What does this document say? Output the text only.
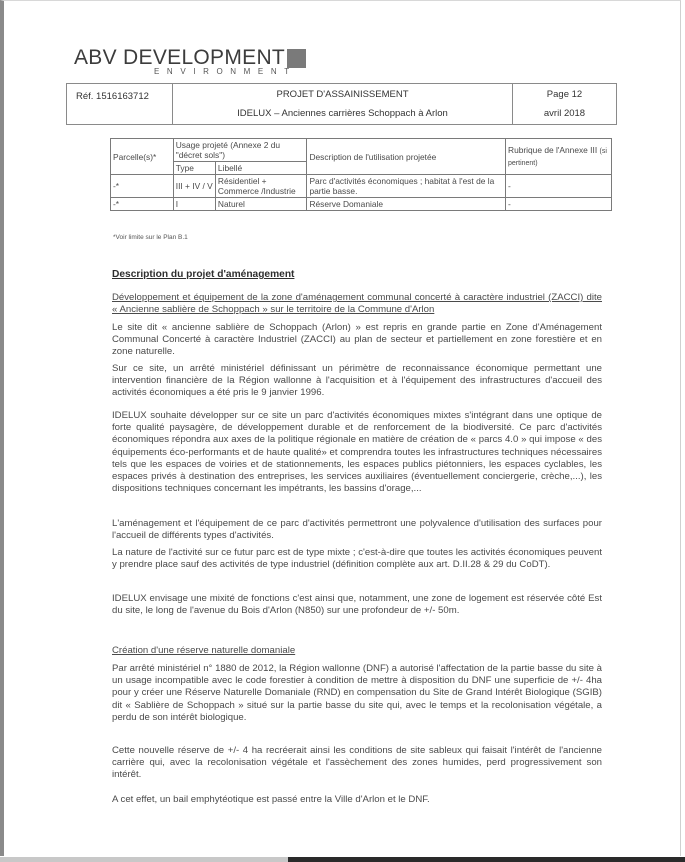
ABV DEVELOPMENT
ENVIRONMENT
Réf. 1516163712	PROJET D'ASSAINISSEMENT
IDELUX – Anciennes carrières Schoppach à Arlon

Page 12
avril 2018
Parcelle(s)*	Usage projeté (Annexe 2 du "décret sols")		Description de l'utilisation projetée	Rubrique de l'Annexe III (si pertinent)
	Type	Libellé		
-*	III + IV / V	Résidentiel + Commerce /Industrie	Parc d'activités économiques ; habitat à l'est de la partie basse.	-
-*	I	Naturel	Réserve Domaniale	-
*Voir limite sur le Plan B.1
Description du projet d'aménagement

Développement et équipement de la zone d'aménagement communal concerté à caractère industriel (ZACCI) dite « Ancienne sablière de Schoppach » sur le territoire de la Commune d'Arlon

Le site dit « ancienne sablière de Schoppach (Arlon) » est repris en grande partie en Zone d'Aménagement Communal Concerté à caractère Industriel (ZACCI) au plan de secteur et partiellement en zone forestière et en zone naturelle.

Sur ce site, un arrêté ministériel définissant un périmètre de reconnaissance économique permettant une intervention financière de la Région wallonne à l'acquisition et à l'équipement des infrastructures d'accueil des activités économiques a été pris le 9 janvier 1996.

IDELUX souhaite développer sur ce site un parc d'activités économiques mixtes s'intégrant dans une optique de forte qualité paysagère, de développement durable et de renforcement de la biodiversité. Ce parc d'activités économiques répondra aux axes de la politique régionale en matière de création de « parcs 4.0 » qui impose « des équipements éco-performants et de haute qualité» et comprendra toutes les infrastructures techniques nécessaires tels que les espaces de voiries et de stationnements, les espaces publics piétonniers, les espaces cyclables, les espaces privés à destination des entreprises, les services auxiliaires (éventuellement conciergerie, crèche,...), les dispositions techniques concernant les impétrants, les bassins d'orage,...

L'aménagement et l'équipement de ce parc d'activités permettront une polyvalence d'utilisation des surfaces pour l'accueil de différents types d'activités.

La nature de l'activité sur ce futur parc est de type mixte ; c'est-à-dire que toutes les activités économiques peuvent y prendre place sauf des activités de type industriel (définition complète aux art. D.II.28 & 29 du CoDT).

IDELUX envisage une mixité de fonctions c'est ainsi que, notamment, une zone de logement est réservée côté Est du site, le long de l'avenue du Bois d'Arlon (N850) sur une profondeur de +/- 50m.

Création d'une réserve naturelle domaniale

Par arrêté ministériel n° 1880 de 2012, la Région wallonne (DNF) a autorisé l'affectation de la partie basse du site à un usage incompatible avec le code forestier à condition de mettre à disposition du DNF une superficie de +/- 4ha pour y créer une Réserve Naturelle Domaniale (RND) en compensation du Site de Grand Intérêt Biologique (SGIB) dit « Sablière de Schoppach » situé sur la partie basse du site qui, avec le temps et la recolonisation végétale, a perdu de son intérêt biologique.

Cette nouvelle réserve de +/- 4 ha recréerait ainsi les conditions de site sableux qui faisait l'intérêt de l'ancienne carrière qui, avec la recolonisation végétale et l'assèchement des zones humides, perd progressivement son intérêt.

A cet effet, un bail emphytéotique est passé entre la Ville d'Arlon et le DNF.
